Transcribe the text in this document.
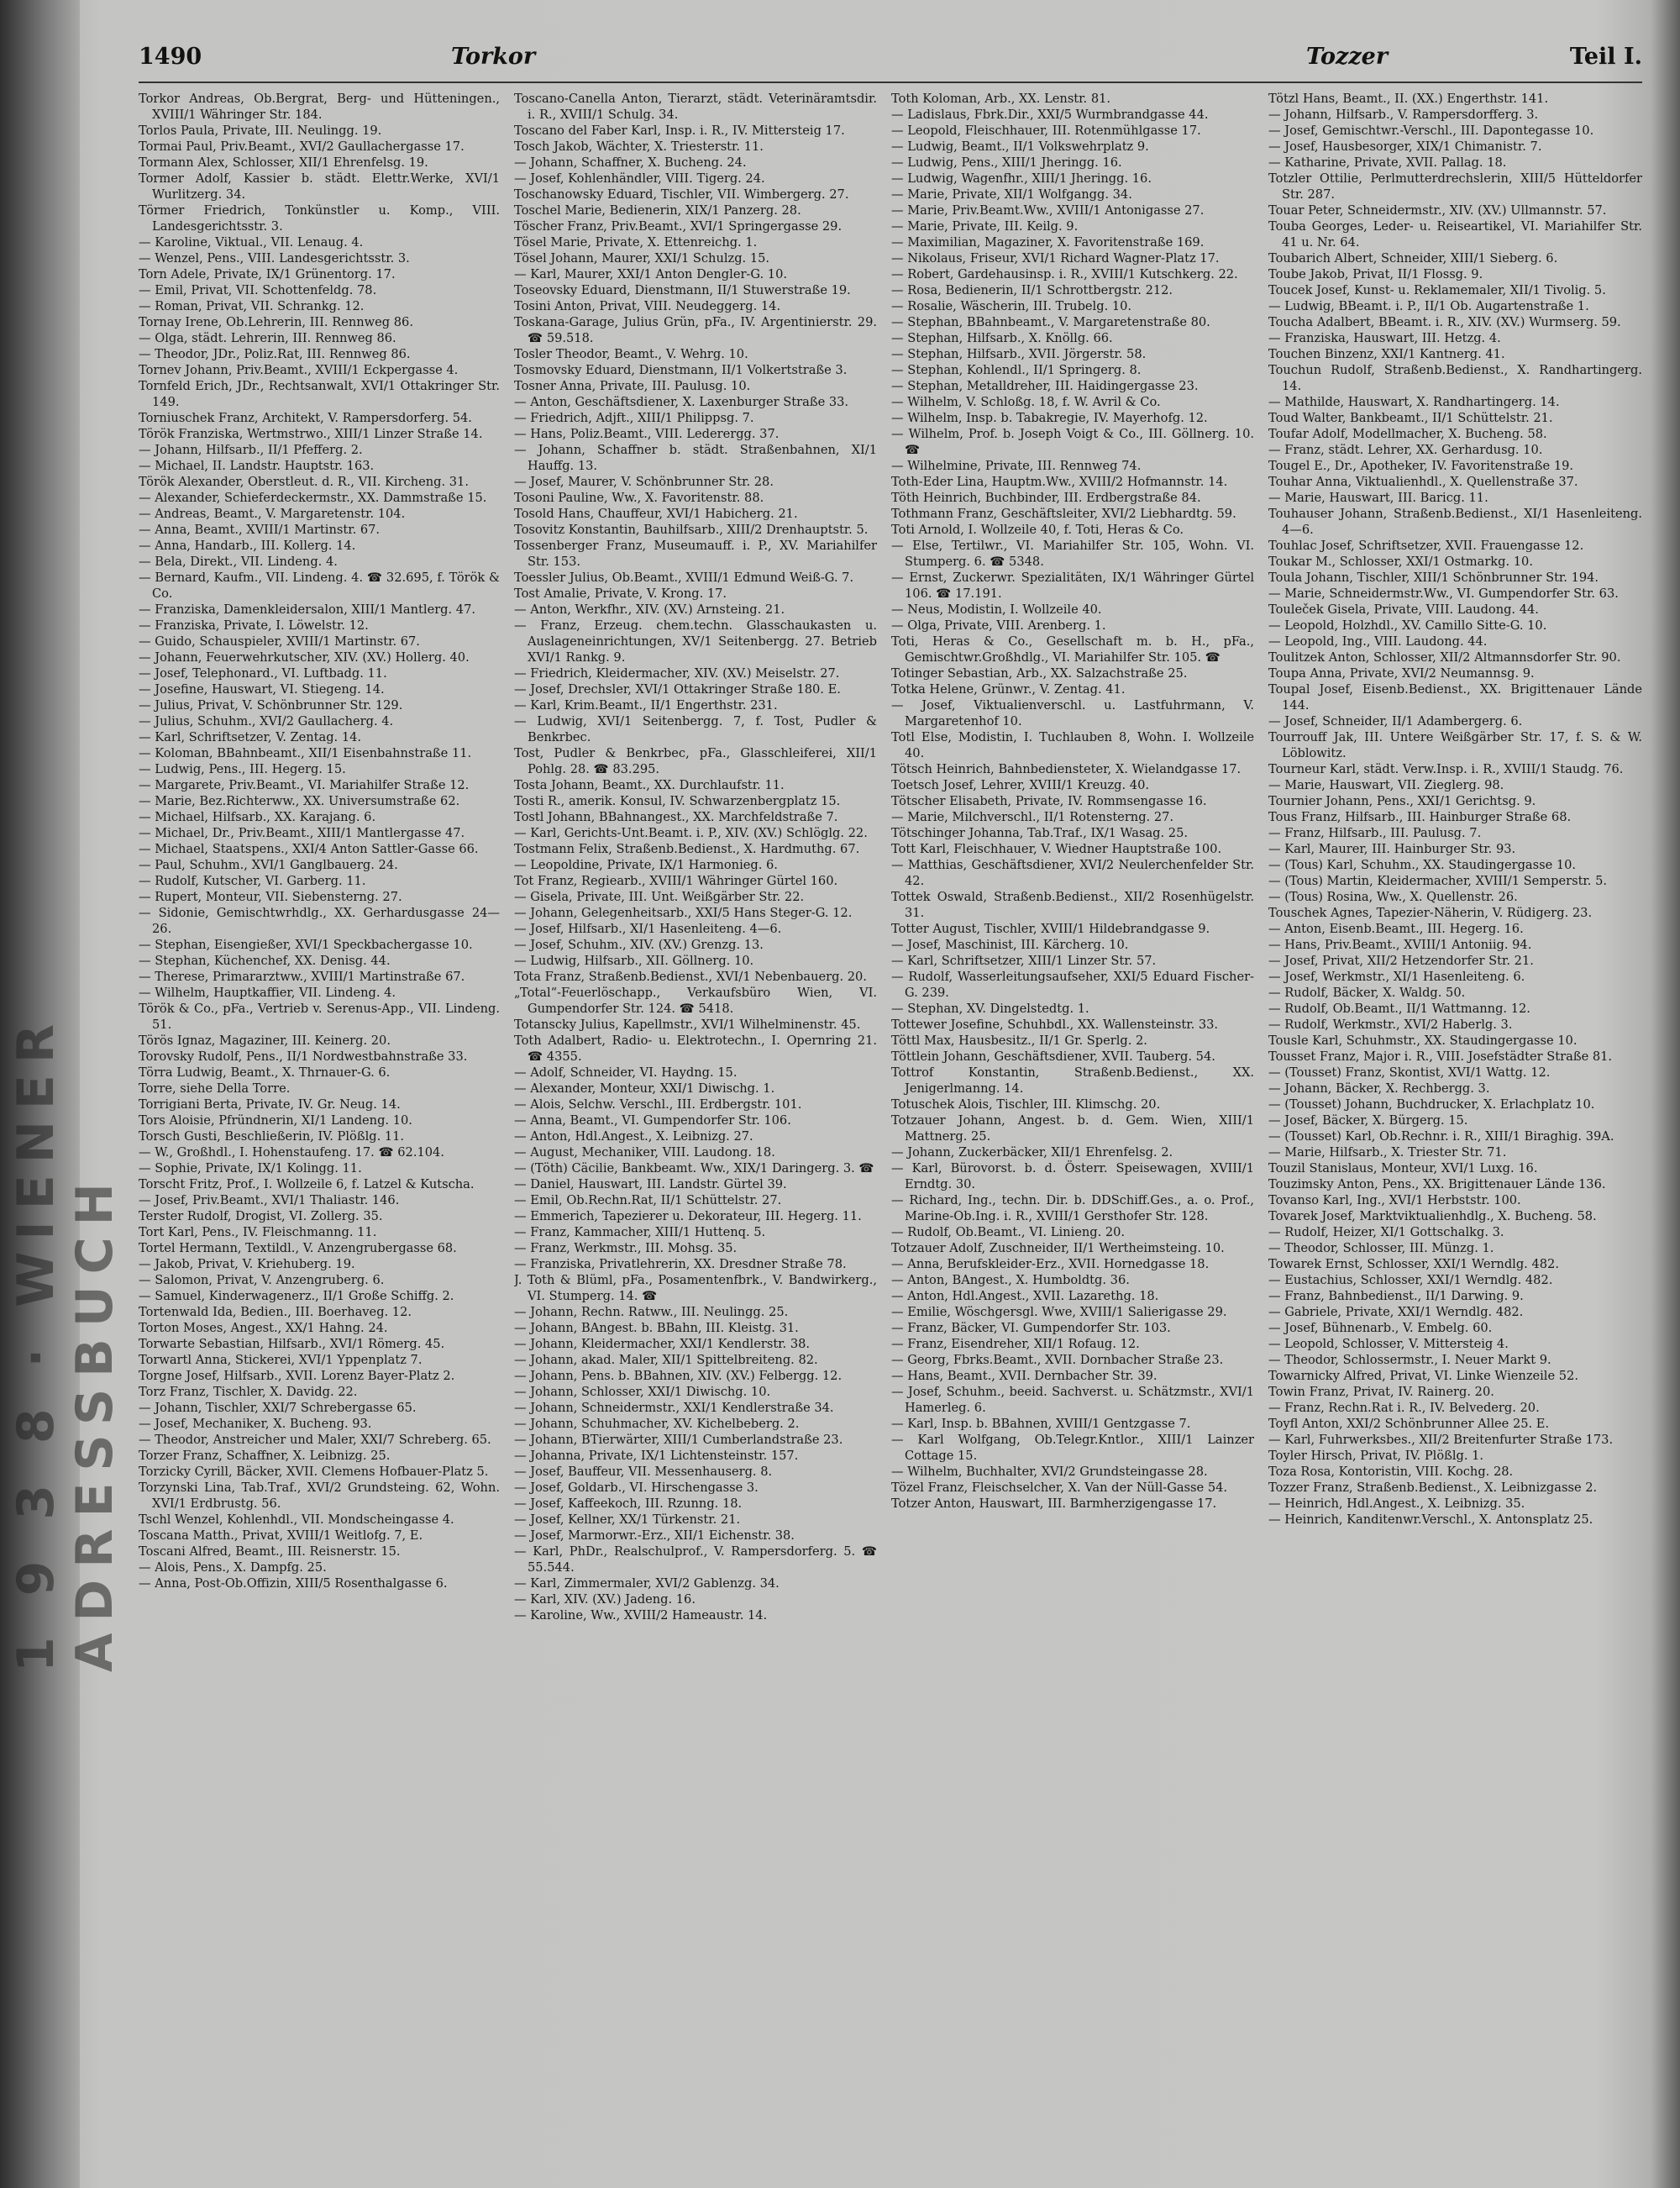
1 9 3 8 · WIENER ADRESSBUCH
1490	Torkor	Tozzer	Teil I.

Torkor Andreas, Ob.Bergrat, Berg- und Hütteningen., XVIII/1 Währinger Str. 184.

Torlos Paula, Private, III. Neulingg. 19.

Tormai Paul, Priv.Beamt., XVI/2 Gaullachergasse 17.

Tormann Alex, Schlosser, XII/1 Ehrenfelsg. 19.

Tormer Adolf, Kassier b. städt. Elettr.Werke, XVI/1 Wurlitzerg. 34.

Törmer Friedrich, Tonkünstler u. Komp., VIII. Landesgerichtsstr. 3.

— Karoline, Viktual., VII. Lenaug. 4.

— Wenzel, Pens., VIII. Landesgerichtsstr. 3.

Torn Adele, Private, IX/1 Grünentorg. 17.

— Emil, Privat, VII. Schottenfeldg. 78.

— Roman, Privat, VII. Schrankg. 12.

Tornay Irene, Ob.Lehrerin, III. Rennweg 86.

— Olga, städt. Lehrerin, III. Rennweg 86.

— Theodor, JDr., Poliz.Rat, III. Rennweg 86.

Tornev Johann, Priv.Beamt., XVIII/1 Eckpergasse 4.

Tornfeld Erich, JDr., Rechtsanwalt, XVI/1 Ottakringer Str. 149.

Torniuschek Franz, Architekt, V. Rampersdorferg. 54.

Török Franziska, Wertmstrwo., XIII/1 Linzer Straße 14.

— Johann, Hilfsarb., II/1 Pfefferg. 2.

— Michael, II. Landstr. Hauptstr. 163.

Török Alexander, Oberstleut. d. R., VII. Kircheng. 31.

— Alexander, Schieferdeckermstr., XX. Dammstraße 15.

— Andreas, Beamt., V. Margaretenstr. 104.

— Anna, Beamt., XVIII/1 Martinstr. 67.

— Anna, Handarb., III. Kollerg. 14.

— Bela, Direkt., VII. Lindeng. 4.

— Bernard, Kaufm., VII. Lindeng. 4. ☎ 32.695, f. Török & Co.

— Franziska, Damenkleidersalon, XIII/1 Mantlerg. 47.

— Franziska, Private, I. Löwelstr. 12.

— Guido, Schauspieler, XVIII/1 Martinstr. 67.

— Johann, Feuerwehrkutscher, XIV. (XV.) Hollerg. 40.

— Josef, Telephonard., VI. Luftbadg. 11.

— Josefine, Hauswart, VI. Stiegeng. 14.

— Julius, Privat, V. Schönbrunner Str. 129.

— Julius, Schuhm., XVI/2 Gaullacherg. 4.

— Karl, Schriftsetzer, V. Zentag. 14.

— Koloman, BBahnbeamt., XII/1 Eisenbahnstraße 11.

— Ludwig, Pens., III. Hegerg. 15.

— Margarete, Priv.Beamt., VI. Mariahilfer Straße 12.

— Marie, Bez.Richterww., XX. Universumstraße 62.

— Michael, Hilfsarb., XX. Karajang. 6.

— Michael, Dr., Priv.Beamt., XIII/1 Mantlergasse 47.

— Michael, Staatspens., XXI/4 Anton Sattler-Gasse 66.

— Paul, Schuhm., XVI/1 Ganglbauerg. 24.

— Rudolf, Kutscher, VI. Garberg. 11.

— Rupert, Monteur, VII. Siebensterng. 27.

— Sidonie, Gemischtwrhdlg., XX. Gerhardusgasse 24—26.

— Stephan, Eisengießer, XVI/1 Speckbachergasse 10.

— Stephan, Küchenchef, XX. Denisg. 44.

— Therese, Primararztww., XVIII/1 Martinstraße 67.

— Wilhelm, Hauptkaffier, VII. Lindeng. 4.

Török & Co., pFa., Vertrieb v. Serenus-App., VII. Lindeng. 51.

Törös Ignaz, Magaziner, III. Keinerg. 20.

Torovsky Rudolf, Pens., II/1 Nordwestbahnstraße 33.

Törra Ludwig, Beamt., X. Thrnauer-G. 6.

Torre, siehe Della Torre.

Torrigiani Berta, Private, IV. Gr. Neug. 14.

Tors Aloisie, Pfründnerin, XI/1 Landeng. 10.

Torsch Gusti, Beschließerin, IV. Plößlg. 11.

— W., Großhdl., I. Hohenstaufeng. 17. ☎ 62.104.

— Sophie, Private, IX/1 Kolingg. 11.

Torscht Fritz, Prof., I. Wollzeile 6, f. Latzel & Kutscha.

— Josef, Priv.Beamt., XVI/1 Thaliastr. 146.

Terster Rudolf, Drogist, VI. Zollerg. 35.

Tort Karl, Pens., IV. Fleischmanng. 11.

Tortel Hermann, Textildl., V. Anzengrubergasse 68.

— Jakob, Privat, V. Kriehuberg. 19.

— Salomon, Privat, V. Anzengruberg. 6.

— Samuel, Kinderwagenerz., II/1 Große Schiffg. 2.

Tortenwald Ida, Bedien., III. Boerhaveg. 12.

Torton Moses, Angest., XX/1 Hahng. 24.

Torwarte Sebastian, Hilfsarb., XVI/1 Römerg. 45.

Torwartl Anna, Stickerei, XVI/1 Yppenplatz 7.

Torgne Josef, Hilfsarb., XVII. Lorenz Bayer-Platz 2.

Torz Franz, Tischler, X. Davidg. 22.

— Johann, Tischler, XXI/7 Schrebergasse 65.

— Josef, Mechaniker, X. Bucheng. 93.

— Theodor, Anstreicher und Maler, XXI/7 Schreberg. 65.

Torzer Franz, Schaffner, X. Leibnizg. 25.

Torzicky Cyrill, Bäcker, XVII. Clemens Hofbauer-Platz 5.

Torzynski Lina, Tab.Traf., XVI/2 Grundsteing. 62, Wohn. XVI/1 Erdbrustg. 56.

Tschl Wenzel, Kohlenhdl., VII. Mondscheingasse 4.

Toscana Matth., Privat, XVIII/1 Weitlofg. 7, E.

Toscani Alfred, Beamt., III. Reisnerstr. 15.

— Alois, Pens., X. Dampfg. 25.

— Anna, Post-Ob.Offizin, XIII/5 Rosenthalgasse 6.

Toscano-Canella Anton, Tierarzt, städt. Veterinäramtsdir. i. R., XVIII/1 Schulg. 34.

Toscano del Faber Karl, Insp. i. R., IV. Mittersteig 17.

Tosch Jakob, Wächter, X. Triesterstr. 11.

— Johann, Schaffner, X. Bucheng. 24.

— Josef, Kohlenhändler, VIII. Tigerg. 24.

Toschanowsky Eduard, Tischler, VII. Wimbergerg. 27.

Toschel Marie, Bedienerin, XIX/1 Panzerg. 28.

Töscher Franz, Priv.Beamt., XVI/1 Springergasse 29.

Tösel Marie, Private, X. Ettenreichg. 1.

Tösel Johann, Maurer, XXI/1 Schulzg. 15.

— Karl, Maurer, XXI/1 Anton Dengler-G. 10.

Toseovsky Eduard, Dienstmann, II/1 Stuwerstraße 19.

Tosini Anton, Privat, VIII. Neudeggerg. 14.

Toskana-Garage, Julius Grün, pFa., IV. Argentinierstr. 29. ☎ 59.518.

Tosler Theodor, Beamt., V. Wehrg. 10.

Tosmovsky Eduard, Dienstmann, II/1 Volkertstraße 3.

Tosner Anna, Private, III. Paulusg. 10.

— Anton, Geschäftsdiener, X. Laxenburger Straße 33.

— Friedrich, Adjft., XIII/1 Philippsg. 7.

— Hans, Poliz.Beamt., VIII. Lederergg. 37.

— Johann, Schaffner b. städt. Straßenbahnen, XI/1 Hauffg. 13.

— Josef, Maurer, V. Schönbrunner Str. 28.

Tosoni Pauline, Ww., X. Favoritenstr. 88.

Tosold Hans, Chauffeur, XVI/1 Habicherg. 21.

Tosovitz Konstantin, Bauhilfsarb., XIII/2 Drenhauptstr. 5.

Tossenberger Franz, Museumauff. i. P., XV. Mariahilfer Str. 153.

Toessler Julius, Ob.Beamt., XVIII/1 Edmund Weiß-G. 7.

Tost Amalie, Private, V. Krong. 17.

— Anton, Werkfhr., XIV. (XV.) Arnsteing. 21.

— Franz, Erzeug. chem.techn. Glasschaukasten u. Auslageneinrichtungen, XV/1 Seitenbergg. 27. Betrieb XVI/1 Rankg. 9.

— Friedrich, Kleidermacher, XIV. (XV.) Meiselstr. 27.

— Josef, Drechsler, XVI/1 Ottakringer Straße 180. E.

— Karl, Krim.Beamt., II/1 Engerthstr. 231.

— Ludwig, XVI/1 Seitenbergg. 7, f. Tost, Pudler & Benkrbec.

Tost, Pudler & Benkrbec, pFa., Glasschleiferei, XII/1 Pohlg. 28. ☎ 83.295.

Tosta Johann, Beamt., XX. Durchlaufstr. 11.

Tosti R., amerik. Konsul, IV. Schwarzenbergplatz 15.

Tostl Johann, BBahnangest., XX. Marchfeldstraße 7.

— Karl, Gerichts-Unt.Beamt. i. P., XIV. (XV.) Schlöglg. 22.

Tostmann Felix, Straßenb.Bedienst., X. Hardmuthg. 67.

— Leopoldine, Private, IX/1 Harmonieg. 6.

Tot Franz, Regiearb., XVIII/1 Währinger Gürtel 160.

— Gisela, Private, III. Unt. Weißgärber Str. 22.

— Johann, Gelegenheitsarb., XXI/5 Hans Steger-G. 12.

— Josef, Hilfsarb., XI/1 Hasenleiteng. 4—6.

— Josef, Schuhm., XIV. (XV.) Grenzg. 13.

— Ludwig, Hilfsarb., XII. Göllnerg. 10.

Tota Franz, Straßenb.Bedienst., XVI/1 Nebenbauerg. 20.

„Total“-Feuerlöschapp., Verkaufsbüro Wien, VI. Gumpendorfer Str. 124. ☎ 5418.

Totanscky Julius, Kapellmstr., XVI/1 Wilhelminenstr. 45.

Toth Adalbert, Radio- u. Elektrotechn., I. Opernring 21. ☎ 4355.

— Adolf, Schneider, VI. Haydng. 15.

— Alexander, Monteur, XXI/1 Diwischg. 1.

— Alois, Selchw. Verschl., III. Erdbergstr. 101.

— Anna, Beamt., VI. Gumpendorfer Str. 106.

— Anton, Hdl.Angest., X. Leibnizg. 27.

— August, Mechaniker, VIII. Laudong. 18.

— (Töth) Cäcilie, Bankbeamt. Ww., XIX/1 Daringerg. 3. ☎

— Daniel, Hauswart, III. Landstr. Gürtel 39.

— Emil, Ob.Rechn.Rat, II/1 Schüttelstr. 27.

— Emmerich, Tapezierer u. Dekorateur, III. Hegerg. 11.

— Franz, Kammacher, XIII/1 Huttenq. 5.

— Franz, Werkmstr., III. Mohsg. 35.

— Franziska, Privatlehrerin, XX. Dresdner Straße 78.

J. Toth & Blüml, pFa., Posamentenfbrk., V. Bandwirkerg., VI. Stumperg. 14. ☎

— Johann, Rechn. Ratww., III. Neulingg. 25.

— Johann, BAngest. b. BBahn, III. Kleistg. 31.

— Johann, Kleidermacher, XXI/1 Kendlerstr. 38.

— Johann, akad. Maler, XII/1 Spittelbreiteng. 82.

— Johann, Pens. b. BBahnen, XIV. (XV.) Felbergg. 12.

— Johann, Schlosser, XXI/1 Diwischg. 10.

— Johann, Schneidermstr., XXI/1 Kendlerstraße 34.

— Johann, Schuhmacher, XV. Kichelbeberg. 2.

— Johann, BTierwärter, XIII/1 Cumberlandstraße 23.

— Johanna, Private, IX/1 Lichtensteinstr. 157.

— Josef, Bauffeur, VII. Messenhauserg. 8.

— Josef, Goldarb., VI. Hirschengasse 3.

— Josef, Kaffeekoch, III. Rzunng. 18.

— Josef, Kellner, XX/1 Türkenstr. 21.

— Josef, Marmorwr.-Erz., XII/1 Eichenstr. 38.

— Karl, PhDr., Realschulprof., V. Rampersdorferg. 5. ☎ 55.544.

— Karl, Zimmermaler, XVI/2 Gablenzg. 34.

— Karl, XIV. (XV.) Jadeng. 16.

— Karoline, Ww., XVIII/2 Hameaustr. 14.

Toth Koloman, Arb., XX. Lenstr. 81.

— Ladislaus, Fbrk.Dir., XXI/5 Wurmbrandgasse 44.

— Leopold, Fleischhauer, III. Rotenmühlgasse 17.

— Ludwig, Beamt., II/1 Volkswehrplatz 9.

— Ludwig, Pens., XIII/1 Jheringg. 16.

— Ludwig, Wagenfhr., XIII/1 Jheringg. 16.

— Marie, Private, XII/1 Wolfgangg. 34.

— Marie, Priv.Beamt.Ww., XVIII/1 Antonigasse 27.

— Marie, Private, III. Keilg. 9.

— Maximilian, Magaziner, X. Favoritenstraße 169.

— Nikolaus, Friseur, XVI/1 Richard Wagner-Platz 17.

— Robert, Gardehausinsp. i. R., XVIII/1 Kutschkerg. 22.

— Rosa, Bedienerin, II/1 Schrottbergstr. 212.

— Rosalie, Wäscherin, III. Trubelg. 10.

— Stephan, BBahnbeamt., V. Margaretenstraße 80.

— Stephan, Hilfsarb., X. Knöllg. 66.

— Stephan, Hilfsarb., XVII. Jörgerstr. 58.

— Stephan, Kohlendl., II/1 Springerg. 8.

— Stephan, Metalldreher, III. Haidingergasse 23.

— Wilhelm, V. Schloßg. 18, f. W. Avril & Co.

— Wilhelm, Insp. b. Tabakregie, IV. Mayerhofg. 12.

— Wilhelm, Prof. b. Joseph Voigt & Co., III. Göllnerg. 10. ☎

— Wilhelmine, Private, III. Rennweg 74.

Toth-Eder Lina, Hauptm.Ww., XVIII/2 Hofmannstr. 14.

Töth Heinrich, Buchbinder, III. Erdbergstraße 84.

Tothmann Franz, Geschäftsleiter, XVI/2 Liebhardtg. 59.

Toti Arnold, I. Wollzeile 40, f. Toti, Heras & Co.

— Else, Tertilwr., VI. Mariahilfer Str. 105, Wohn. VI. Stumperg. 6. ☎ 5348.

— Ernst, Zuckerwr. Spezialitäten, IX/1 Währinger Gürtel 106. ☎ 17.191.

— Neus, Modistin, I. Wollzeile 40.

— Olga, Private, VIII. Arenberg. 1.

Toti, Heras & Co., Gesellschaft m. b. H., pFa., Gemischtwr.Großhdlg., VI. Mariahilfer Str. 105. ☎

Totinger Sebastian, Arb., XX. Salzachstraße 25.

Totka Helene, Grünwr., V. Zentag. 41.

— Josef, Viktualienverschl. u. Lastfuhrmann, V. Margaretenhof 10.

Totl Else, Modistin, I. Tuchlauben 8, Wohn. I. Wollzeile 40.

Tötsch Heinrich, Bahnbediensteter, X. Wielandgasse 17.

Toetsch Josef, Lehrer, XVIII/1 Kreuzg. 40.

Tötscher Elisabeth, Private, IV. Rommsengasse 16.

— Marie, Milchverschl., II/1 Rotensterng. 27.

Tötschinger Johanna, Tab.Traf., IX/1 Wasag. 25.

Tott Karl, Fleischhauer, V. Wiedner Hauptstraße 100.

— Matthias, Geschäftsdiener, XVI/2 Neulerchenfelder Str. 42.

Tottek Oswald, Straßenb.Bedienst., XII/2 Rosenhügelstr. 31.

Totter August, Tischler, XVIII/1 Hildebrandgasse 9.

— Josef, Maschinist, III. Kärcherg. 10.

— Karl, Schriftsetzer, XIII/1 Linzer Str. 57.

— Rudolf, Wasserleitungsaufseher, XXI/5 Eduard Fischer-G. 239.

— Stephan, XV. Dingelstedtg. 1.

Tottewer Josefine, Schuhbdl., XX. Wallensteinstr. 33.

Töttl Max, Hausbesitz., II/1 Gr. Sperlg. 2.

Töttlein Johann, Geschäftsdiener, XVII. Tauberg. 54.

Tottrof Konstantin, Straßenb.Bedienst., XX. Jenigerlmanng. 14.

Totuschek Alois, Tischler, III. Klimschg. 20.

Totzauer Johann, Angest. b. d. Gem. Wien, XIII/1 Mattnerg. 25.

— Johann, Zuckerbäcker, XII/1 Ehrenfelsg. 2.

— Karl, Bürovorst. b. d. Österr. Speisewagen, XVIII/1 Erndtg. 30.

— Richard, Ing., techn. Dir. b. DDSchiff.Ges., a. o. Prof., Marine-Ob.Ing. i. R., XVIII/1 Gersthofer Str. 128.

— Rudolf, Ob.Beamt., VI. Linieng. 20.

Totzauer Adolf, Zuschneider, II/1 Wertheimsteing. 10.

— Anna, Berufskleider-Erz., XVII. Hornedgasse 18.

— Anton, BAngest., X. Humboldtg. 36.

— Anton, Hdl.Angest., XVII. Lazarethg. 18.

— Emilie, Wöschgersgl. Wwe, XVIII/1 Salierigasse 29.

— Franz, Bäcker, VI. Gumpendorfer Str. 103.

— Franz, Eisendreher, XII/1 Rofaug. 12.

— Georg, Fbrks.Beamt., XVII. Dornbacher Straße 23.

— Hans, Beamt., XVII. Dernbacher Str. 39.

— Josef, Schuhm., beeid. Sachverst. u. Schätzmstr., XVI/1 Hamerleg. 6.

— Karl, Insp. b. BBahnen, XVIII/1 Gentzgasse 7.

— Karl Wolfgang, Ob.Telegr.Kntlor., XIII/1 Lainzer Cottage 15.

— Wilhelm, Buchhalter, XVI/2 Grundsteingasse 28.

Tözel Franz, Fleischselcher, X. Van der Nüll-Gasse 54.

Totzer Anton, Hauswart, III. Barmherzigengasse 17.

Tötzl Hans, Beamt., II. (XX.) Engerthstr. 141.

— Johann, Hilfsarb., V. Rampersdorfferg. 3.

— Josef, Gemischtwr.-Verschl., III. Dapontegasse 10.

— Josef, Hausbesorger, XIX/1 Chimanistr. 7.

— Katharine, Private, XVII. Pallag. 18.

Totzler Ottilie, Perlmutterdrechslerin, XIII/5 Hütteldorfer Str. 287.

Touar Peter, Schneidermstr., XIV. (XV.) Ullmannstr. 57.

Touba Georges, Leder- u. Reiseartikel, VI. Mariahilfer Str. 41 u. Nr. 64.

Toubarich Albert, Schneider, XIII/1 Sieberg. 6.

Toube Jakob, Privat, II/1 Flossg. 9.

Toucek Josef, Kunst- u. Reklamemaler, XII/1 Tivolig. 5.

— Ludwig, BBeamt. i. P., II/1 Ob. Augartenstraße 1.

Toucha Adalbert, BBeamt. i. R., XIV. (XV.) Wurmserg. 59.

— Franziska, Hauswart, III. Hetzg. 4.

Touchen Binzenz, XXI/1 Kantnerg. 41.

Touchun Rudolf, Straßenb.Bedienst., X. Randhartingerg. 14.

— Mathilde, Hauswart, X. Randhartingerg. 14.

Toud Walter, Bankbeamt., II/1 Schüttelstr. 21.

Toufar Adolf, Modellmacher, X. Bucheng. 58.

— Franz, städt. Lehrer, XX. Gerhardusg. 10.

Tougel E., Dr., Apotheker, IV. Favoritenstraße 19.

Touhar Anna, Viktualienhdl., X. Quellenstraße 37.

— Marie, Hauswart, III. Baricg. 11.

Touhauser Johann, Straßenb.Bedienst., XI/1 Hasenleiteng. 4—6.

Touhlac Josef, Schriftsetzer, XVII. Frauengasse 12.

Toukar M., Schlosser, XXI/1 Ostmarkg. 10.

Toula Johann, Tischler, XIII/1 Schönbrunner Str. 194.

— Marie, Schneidermstr.Ww., VI. Gumpendorfer Str. 63.

Touleček Gisela, Private, VIII. Laudong. 44.

— Leopold, Holzhdl., XV. Camillo Sitte-G. 10.

— Leopold, Ing., VIII. Laudong. 44.

Toulitzek Anton, Schlosser, XII/2 Altmannsdorfer Str. 90.

Toupa Anna, Private, XVI/2 Neumannsg. 9.

Toupal Josef, Eisenb.Bedienst., XX. Brigittenauer Lände 144.

— Josef, Schneider, II/1 Adambergerg. 6.

Tourrouff Jak, III. Untere Weißgärber Str. 17, f. S. & W. Löblowitz.

Tourneur Karl, städt. Verw.Insp. i. R., XVIII/1 Staudg. 76.

— Marie, Hauswart, VII. Zieglerg. 98.

Tournier Johann, Pens., XXI/1 Gerichtsg. 9.

Tous Franz, Hilfsarb., III. Hainburger Straße 68.

— Franz, Hilfsarb., III. Paulusg. 7.

— Karl, Maurer, III. Hainburger Str. 93.

— (Tous) Karl, Schuhm., XX. Staudingergasse 10.

— (Tous) Martin, Kleidermacher, XVIII/1 Semperstr. 5.

— (Tous) Rosina, Ww., X. Quellenstr. 26.

Touschek Agnes, Tapezier-Näherin, V. Rüdigerg. 23.

— Anton, Eisenb.Beamt., III. Hegerg. 16.

— Hans, Priv.Beamt., XVIII/1 Antoniig. 94.

— Josef, Privat, XII/2 Hetzendorfer Str. 21.

— Josef, Werkmstr., XI/1 Hasenleiteng. 6.

— Rudolf, Bäcker, X. Waldg. 50.

— Rudolf, Ob.Beamt., II/1 Wattmanng. 12.

— Rudolf, Werkmstr., XVI/2 Haberlg. 3.

Tousle Karl, Schuhmstr., XX. Staudingergasse 10.

Tousset Franz, Major i. R., VIII. Josefstädter Straße 81.

— (Tousset) Franz, Skontist, XVI/1 Wattg. 12.

— Johann, Bäcker, X. Rechbergg. 3.

— (Tousset) Johann, Buchdrucker, X. Erlachplatz 10.

— Josef, Bäcker, X. Bürgerg. 15.

— (Tousset) Karl, Ob.Rechnr. i. R., XIII/1 Biraghig. 39A.

— Marie, Hilfsarb., X. Triester Str. 71.

Touzil Stanislaus, Monteur, XVI/1 Luxg. 16.

Touzimsky Anton, Pens., XX. Brigittenauer Lände 136.

Tovanso Karl, Ing., XVI/1 Herbststr. 100.

Tovarek Josef, Marktviktualienhdlg., X. Bucheng. 58.

— Rudolf, Heizer, XI/1 Gottschalkg. 3.

— Theodor, Schlosser, III. Münzg. 1.

Towarek Ernst, Schlosser, XXI/1 Werndlg. 482.

— Eustachius, Schlosser, XXI/1 Werndlg. 482.

— Franz, Bahnbedienst., II/1 Darwing. 9.

— Gabriele, Private, XXI/1 Werndlg. 482.

— Josef, Bühnenarb., V. Embelg. 60.

— Leopold, Schlosser, V. Mittersteig 4.

— Theodor, Schlossermstr., I. Neuer Markt 9.

Towarnicky Alfred, Privat, VI. Linke Wienzeile 52.

Towin Franz, Privat, IV. Rainerg. 20.

— Franz, Rechn.Rat i. R., IV. Belvederg. 20.

Toyfl Anton, XXI/2 Schönbrunner Allee 25. E.

— Karl, Fuhrwerksbes., XII/2 Breitenfurter Straße 173.

Toyler Hirsch, Privat, IV. Plößlg. 1.

Toza Rosa, Kontoristin, VIII. Kochg. 28.

Tozzer Franz, Straßenb.Bedienst., X. Leibnizgasse 2.

— Heinrich, Hdl.Angest., X. Leibnizg. 35.

— Heinrich, Kanditenwr.Verschl., X. Antonsplatz 25.
